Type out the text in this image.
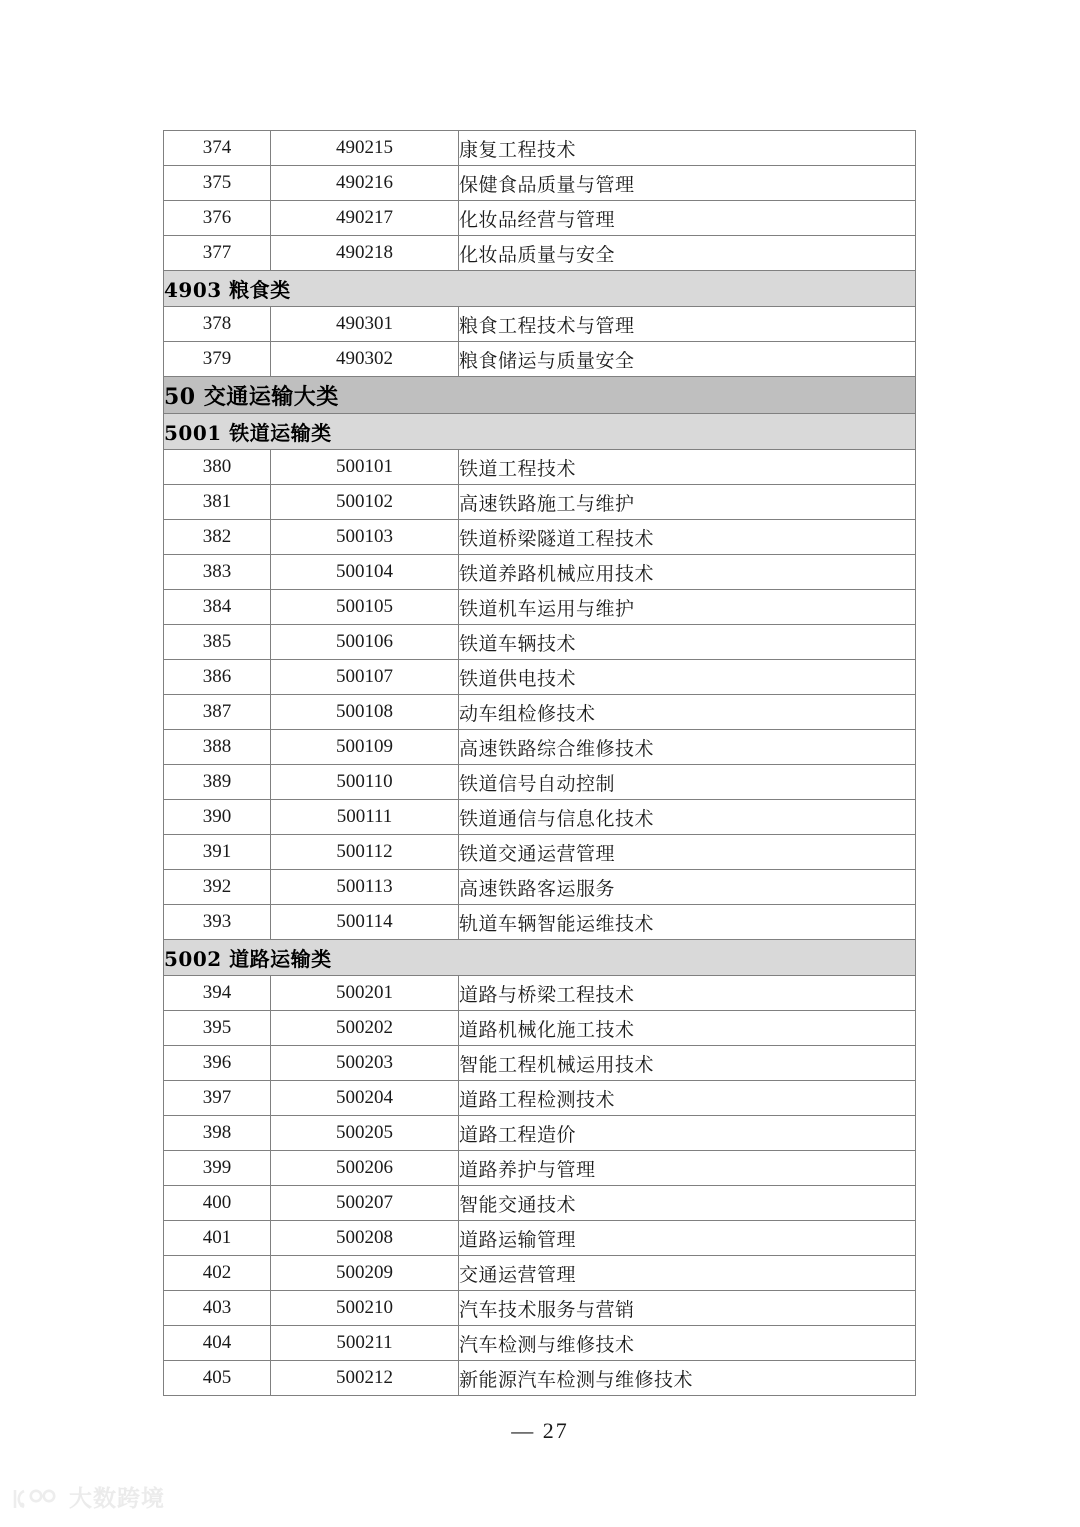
374	490215	康复工程技术
375	490216	保健食品质量与管理
376	490217	化妆品经营与管理
377	490218	化妆品质量与安全
4903 粮食类		
378	490301	粮食工程技术与管理
379	490302	粮食储运与质量安全
50 交通运输大类		
5001 铁道运输类		
380	500101	铁道工程技术
381	500102	高速铁路施工与维护
382	500103	铁道桥梁隧道工程技术
383	500104	铁道养路机械应用技术
384	500105	铁道机车运用与维护
385	500106	铁道车辆技术
386	500107	铁道供电技术
387	500108	动车组检修技术
388	500109	高速铁路综合维修技术
389	500110	铁道信号自动控制
390	500111	铁道通信与信息化技术
391	500112	铁道交通运营管理
392	500113	高速铁路客运服务
393	500114	轨道车辆智能运维技术
5002 道路运输类		
394	500201	道路与桥梁工程技术
395	500202	道路机械化施工技术
396	500203	智能工程机械运用技术
397	500204	道路工程检测技术
398	500205	道路工程造价
399	500206	道路养护与管理
400	500207	智能交通技术
401	500208	道路运输管理
402	500209	交通运营管理
403	500210	汽车技术服务与营销
404	500211	汽车检测与维修技术
405	500212	新能源汽车检测与维修技术
— 27
大数跨境
